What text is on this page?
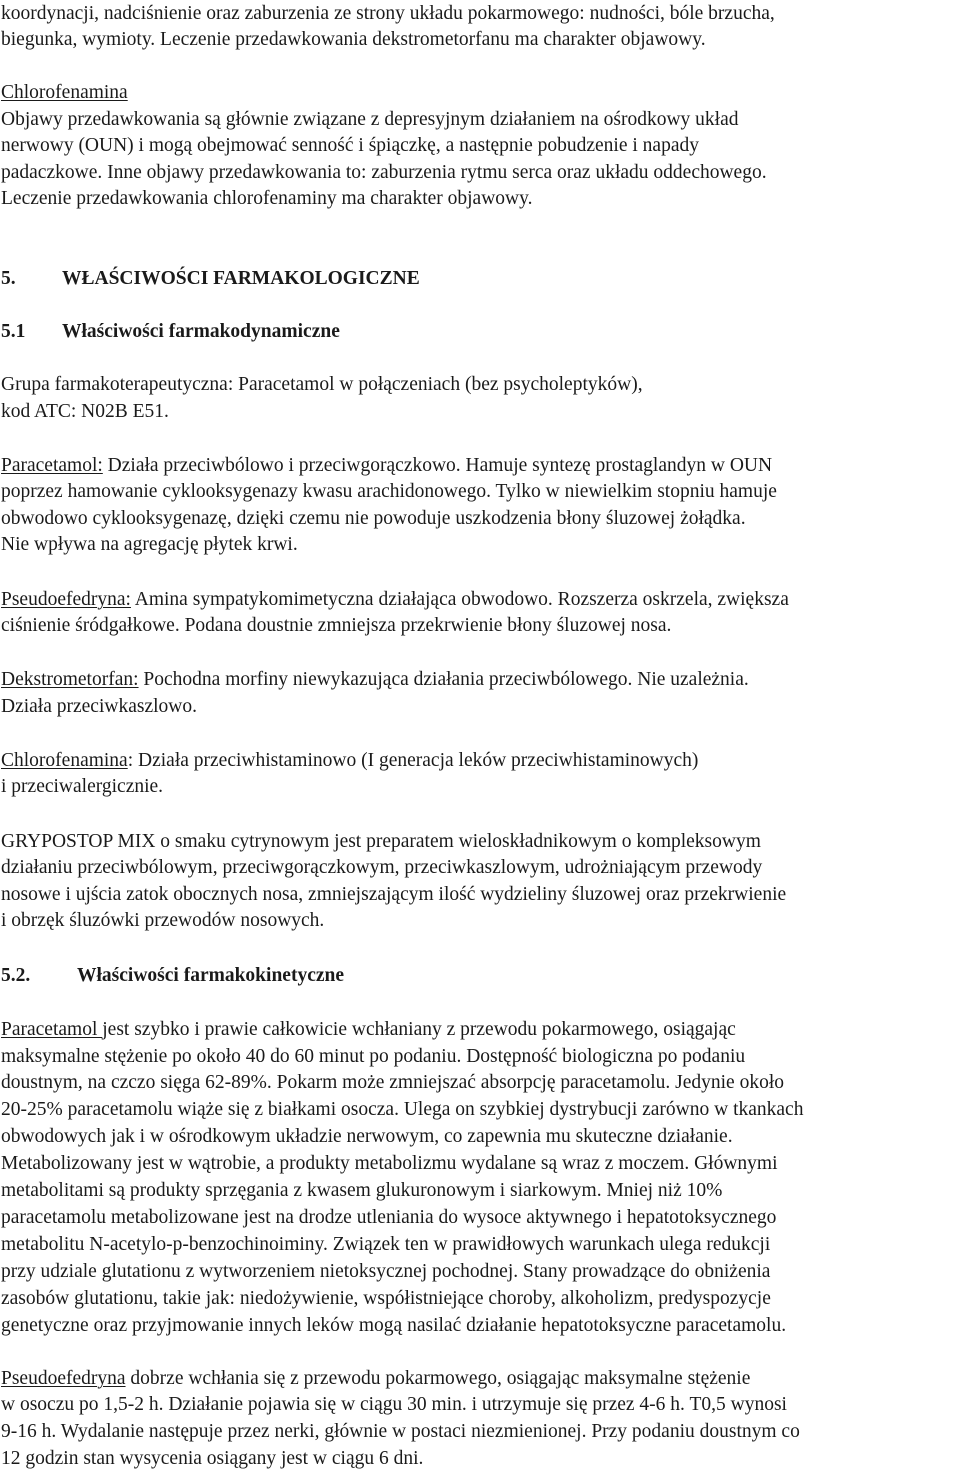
koordynacji, nadciśnienie oraz zaburzenia ze strony układu pokarmowego: nudności, bóle brzucha,
biegunka, wymioty. Leczenie przedawkowania dekstrometorfanu ma charakter objawowy.
Chlorofenamina
Objawy przedawkowania są głównie związane z depresyjnym działaniem na ośrodkowy układ
nerwowy (OUN) i mogą obejmować senność i śpiączkę, a następnie pobudzenie i napady
padaczkowe. Inne objawy przedawkowania to: zaburzenia rytmu serca oraz układu oddechowego.
Leczenie przedawkowania chlorofenaminy ma charakter objawowy.
5. WŁAŚCIWOŚCI FARMAKOLOGICZNE
5.1 Właściwości farmakodynamiczne
Grupa farmakoterapeutyczna: Paracetamol w połączeniach (bez psycholeptyków),
kod ATC: N02B E51.
Paracetamol: Działa przeciwbólowo i przeciwgorączkowo. Hamuje syntezę prostaglandyn w OUN
poprzez hamowanie cyklooksygenazy kwasu arachidonowego. Tylko w niewielkim stopniu hamuje
obwodowo cyklooksygenazę, dzięki czemu nie powoduje uszkodzenia błony śluzowej żołądka.
Nie wpływa na agregację płytek krwi.
Pseudoefedryna: Amina sympatykomimetyczna działająca obwodowo. Rozszerza oskrzela, zwiększa
ciśnienie śródgałkowe. Podana doustnie zmniejsza przekrwienie błony śluzowej nosa.
Dekstrometorfan: Pochodna morfiny niewykazująca działania przeciwbólowego. Nie uzależnia.
Działa przeciwkaszlowo.
Chlorofenamina: Działa przeciwhistaminowo (I generacja leków przeciwhistaminowych)
i przeciwalergicznie.
GRYPOSTOP MIX o smaku cytrynowym jest preparatem wieloskładnikowym o kompleksowym
działaniu przeciwbólowym, przeciwgorączkowym, przeciwkaszlowym, udrożniającym przewody
nosowe i ujścia zatok obocznych nosa, zmniejszającym ilość wydzieliny śluzowej oraz przekrwienie
i obrzęk śluzówki przewodów nosowych.
5.2. Właściwości farmakokinetyczne
Paracetamol jest szybko i prawie całkowicie wchłaniany z przewodu pokarmowego, osiągając
maksymalne stężenie po około 40 do 60 minut po podaniu. Dostępność biologiczna po podaniu
doustnym, na czczo sięga 62-89%. Pokarm może zmniejszać absorpcję paracetamolu. Jedynie około
20-25% paracetamolu wiąże się z białkami osocza. Ulega on szybkiej dystrybucji zarówno w tkankach
obwodowych jak i w ośrodkowym układzie nerwowym, co zapewnia mu skuteczne działanie.
Metabolizowany jest w wątrobie, a produkty metabolizmu wydalane są wraz z moczem. Głównymi
metabolitami są produkty sprzęgania z kwasem glukuronowym i siarkowym. Mniej niż 10%
paracetamolu metabolizowane jest na drodze utleniania do wysoce aktywnego i hepatotoksycznego
metabolitu N-acetylo-p-benzochinoiminy. Związek ten w prawidłowych warunkach ulega redukcji
przy udziale glutationu z wytworzeniem nietoksycznej pochodnej. Stany prowadzące do obniżenia
zasobów glutationu, takie jak: niedożywienie, współistniejące choroby, alkoholizm, predyspozycje
genetyczne oraz przyjmowanie innych leków mogą nasilać działanie hepatotoksyczne paracetamolu.
Pseudoefedryna dobrze wchłania się z przewodu pokarmowego, osiągając maksymalne stężenie
w osoczu po 1,5-2 h. Działanie pojawia się w ciągu 30 min. i utrzymuje się przez 4-6 h. T0,5 wynosi
9-16 h. Wydalanie następuje przez nerki, głównie w postaci niezmienionej. Przy podaniu doustnym co
12 godzin stan wysycenia osiągany jest w ciągu 6 dni.
